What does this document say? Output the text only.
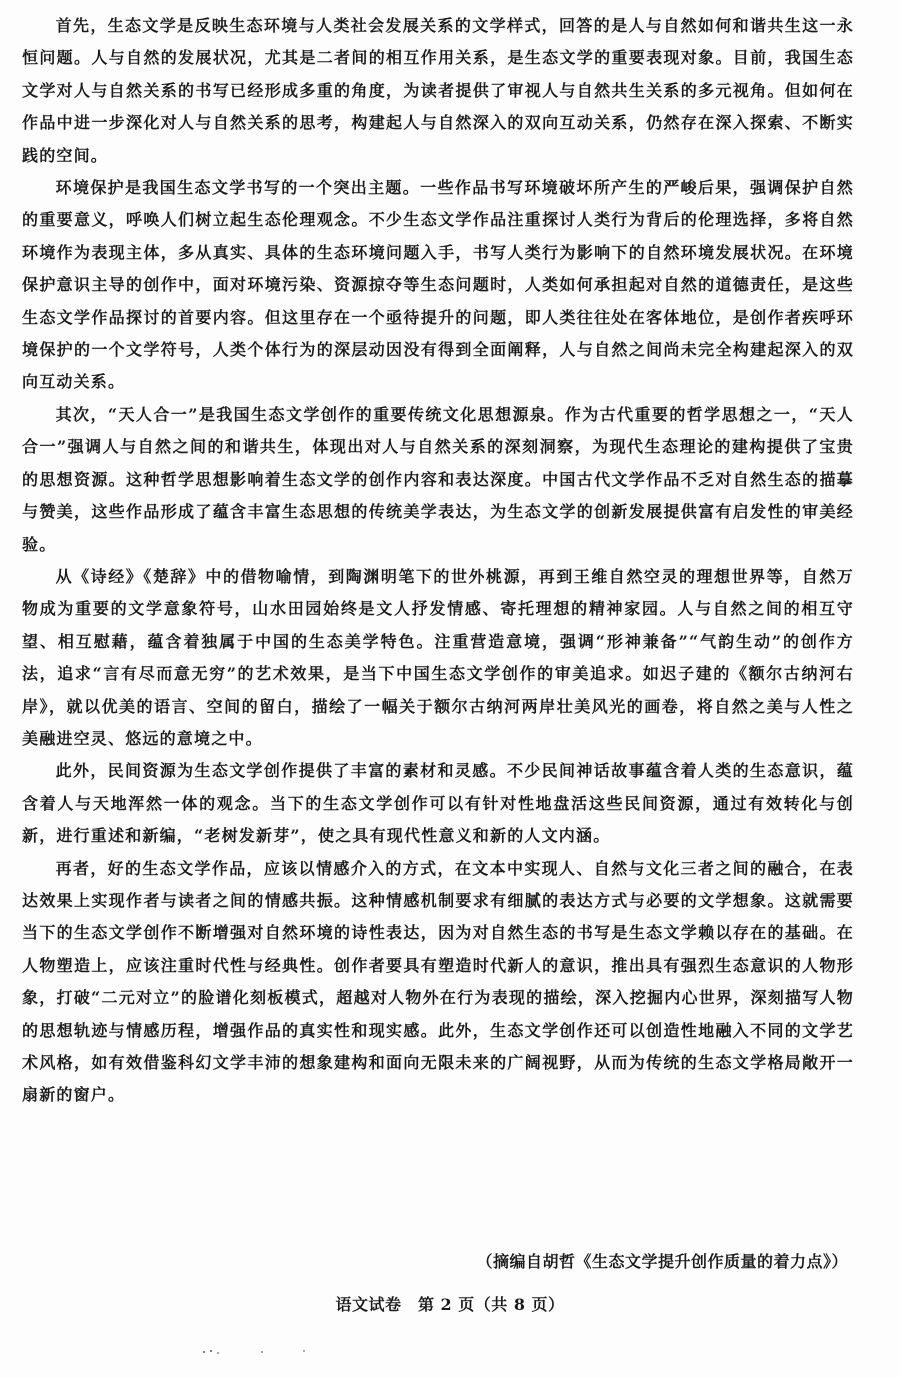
首先，生态文学是反映生态环境与人类社会发展关系的文学样式，回答的是人与自然如何和谐共生这一永恒问题。人与自然的发展状况，尤其是二者间的相互作用关系，是生态文学的重要表现对象。目前，我国生态文学对人与自然关系的书写已经形成多重的角度，为读者提供了审视人与自然共生关系的多元视角。但如何在作品中进一步深化对人与自然关系的思考，构建起人与自然深入的双向互动关系，仍然存在深入探索、不断实践的空间。

环境保护是我国生态文学书写的一个突出主题。一些作品书写环境破坏所产生的严峻后果，强调保护自然的重要意义，呼唤人们树立起生态伦理观念。不少生态文学作品注重探讨人类行为背后的伦理选择，多将自然环境作为表现主体，多从真实、具体的生态环境问题入手，书写人类行为影响下的自然环境发展状况。在环境保护意识主导的创作中，面对环境污染、资源掠夺等生态问题时，人类如何承担起对自然的道德责任，是这些生态文学作品探讨的首要内容。但这里存在一个亟待提升的问题，即人类往往处在客体地位，是创作者疾呼环境保护的一个文学符号，人类个体行为的深层动因没有得到全面阐释，人与自然之间尚未完全构建起深入的双向互动关系。

其次，“天人合一”是我国生态文学创作的重要传统文化思想源泉。作为古代重要的哲学思想之一，“天人合一”强调人与自然之间的和谐共生，体现出对人与自然关系的深刻洞察，为现代生态理论的建构提供了宝贵的思想资源。这种哲学思想影响着生态文学的创作内容和表达深度。中国古代文学作品不乏对自然生态的描摹与赞美，这些作品形成了蕴含丰富生态思想的传统美学表达，为生态文学的创新发展提供富有启发性的审美经验。

从《诗经》《楚辞》中的借物喻情，到陶渊明笔下的世外桃源，再到王维自然空灵的理想世界等，自然万物成为重要的文学意象符号，山水田园始终是文人抒发情感、寄托理想的精神家园。人与自然之间的相互守望、相互慰藉，蕴含着独属于中国的生态美学特色。注重营造意境，强调“形神兼备”“气韵生动”的创作方法，追求“言有尽而意无穷”的艺术效果，是当下中国生态文学创作的审美追求。如迟子建的《额尔古纳河右岸》，就以优美的语言、空间的留白，描绘了一幅关于额尔古纳河两岸壮美风光的画卷，将自然之美与人性之美融进空灵、悠远的意境之中。

此外，民间资源为生态文学创作提供了丰富的素材和灵感。不少民间神话故事蕴含着人类的生态意识，蕴含着人与天地浑然一体的观念。当下的生态文学创作可以有针对性地盘活这些民间资源，通过有效转化与创新，进行重述和新编，“老树发新芽”，使之具有现代性意义和新的人文内涵。

再者，好的生态文学作品，应该以情感介入的方式，在文本中实现人、自然与文化三者之间的融合，在表达效果上实现作者与读者之间的情感共振。这种情感机制要求有细腻的表达方式与必要的文学想象。这就需要当下的生态文学创作不断增强对自然环境的诗性表达，因为对自然生态的书写是生态文学赖以存在的基础。在人物塑造上，应该注重时代性与经典性。创作者要具有塑造时代新人的意识，推出具有强烈生态意识的人物形象，打破“二元对立”的脸谱化刻板模式，超越对人物外在行为表现的描绘，深入挖掘内心世界，深刻描写人物的思想轨迹与情感历程，增强作品的真实性和现实感。此外，生态文学创作还可以创造性地融入不同的文学艺术风格，如有效借鉴科幻文学丰沛的想象建构和面向无限未来的广阔视野，从而为传统的生态文学格局敞开一扇新的窗户。

（摘编自胡哲《生态文学提升创作质量的着力点》）
语文试卷　第 2 页（共 8 页）
